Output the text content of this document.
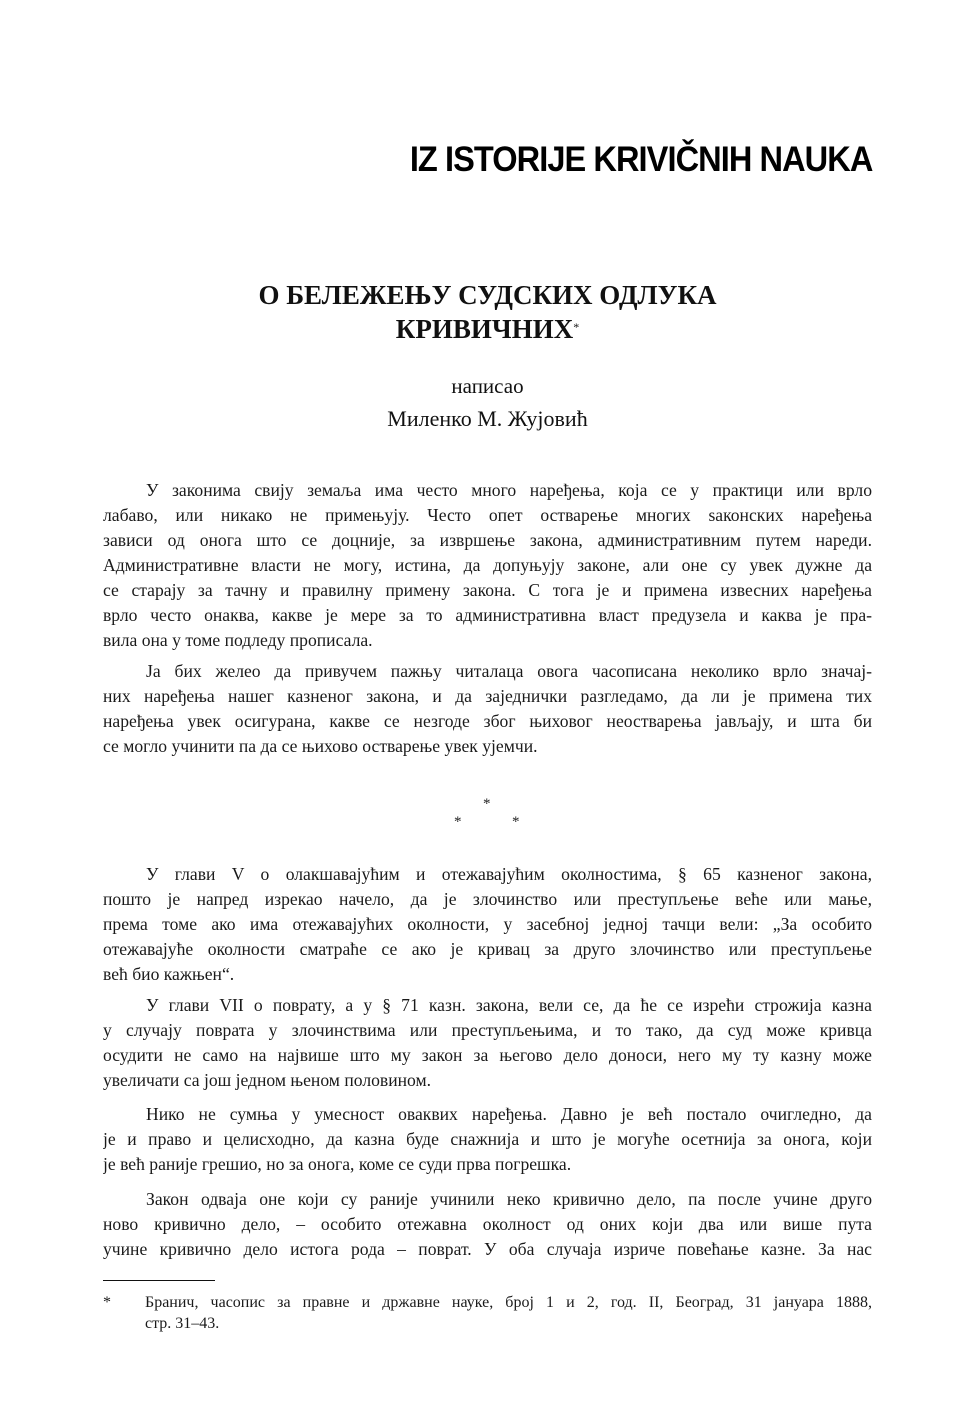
IZ ISTORIJE KRIVIČNIH NAUKA
О БЕЛЕЖЕЊУ СУДСКИХ ОДЛУКА
КРИВИЧНИХ*
написао
Миленко М. Жујовић
У законима свију земаља има често много наређења, која се у практици или врло
лабаво, или никако не примењују. Често опет остварење многих ѕаконских наређења
зависи од онога што се доцније, за извршење закона, административним путем нареди.
Административне власти не могу, истина, да допуњују законе, али оне су увек дужне да
се старају за тачну и правилну примену закона. С тога је и примена извесних наређења
врло често онаква, какве је мере за то административна власт предузела и каква је пра-
вила она у томе подледу прописала.
Ја бих желео да привучем пажњу читалаца овога часописана неколико врло значај-
них наређења нашег казненог закона, и да заједнички разгледамо, да ли је примена тих
наређења увек осигурана, какве се незгоде због њиховог неостварења јављају, и шта би
се могло учинити па да се њихово остварење увек ујемчи.
*
*	*
У глави V о олакшавајућим и отежавајућим околностима, § 65 казненог закона,
пошто је напред изрекао начело, да је злочинство или преступљење веће или мање,
према томе ако има отежавајућих околности, у засебној једној тачци вели: „За особито
отежавајуће околности сматраће се ако је кривац за друго злочинство или преступљење
већ био кажњен“.
У глави VII о повратy, а у § 71 казн. закона, вели се, да ће се изрећи строжија казна
у случају поврата у злочинствима или преступљењима, и то тако, да суд може кривца
осудити не само на највише што му закон за његово дело доноси, него му ту казну може
увеличати са још једном њеном половином.
Нико не сумња у умесност оваквих наређења. Давно је већ постало очигледно, да
је и право и целисходно, да казна буде снажнија и што је могуће осетнија за онога, који
је већ раније грешио, но за онога, коме се суди прва погрешка.
Закон одваја оне који су раније учинили неко кривично дело, па после учине друго
ново кривично дело, – особито отежавна околност од оних који два или више пута
учине кривично дело истога рода – поврат. У оба случаја изриче повећање казне. За нас
* Бранич, часопис за правне и државне науке, број 1 и 2, год. II, Београд, 31 јануара 1888,
стр. 31–43.
